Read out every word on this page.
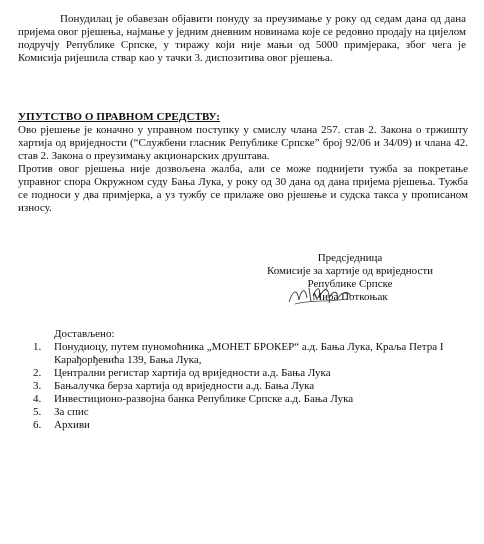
Понудилац је обавезан објавити понуду за преузимање у року од седам дана од дана пријема овог рјешења, најмање у једним дневним новинама које се редовно продају на цијелом подручју Републике Српске, у тиражу који није мањи од 5000 примјерака, због чега је Комисија ријешила ствар као у тачки 3. диспозитива овог рјешења.
УПУТСТВО О ПРАВНОМ СРЕДСТВУ:

Ово рјешење је коначно у управном поступку у смислу члана 257. став 2. Закона о тржишту хартија од вриједности (“Службени гласник Републике Српске” број 92/06 и 34/09) и члана 42. став 2. Закона о преузимању акционарских друштава.

Против овог рјешења није дозвољена жалба, али се може поднијети тужба за покретање управног спора Окружном суду Бања Лука, у року од 30 дана од дана пријема рјешења. Тужба се подноси у два примјерка, а уз тужбу се прилаже ово рјешење и судска такса у прописаном износу.

Предсједница
Комисије за хартије од вриједности
Републике Српске
Мира Поткоњак
Достављено:
1.	Понудиоцу, путем пуномоћника „МОНЕТ БРОКЕР“ а.д. Бања Лука, Краља Петра I Карађорђевића 139, Бања Лука,
2.	Централни регистар хартија од вриједности а.д. Бања Лука
3.	Бањалучка берза хартија од вриједности а.д. Бања Лука
4.	Инвестиционо-развојна банка Републике Српске а.д. Бања Лука
5.	За спис
6.	Архиви
